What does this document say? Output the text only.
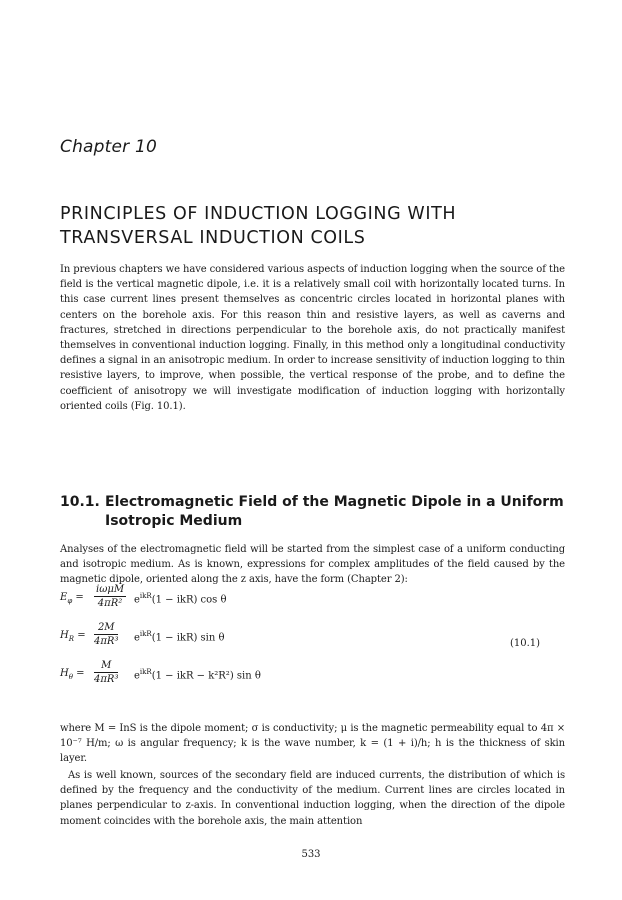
Chapter 10
PRINCIPLES OF INDUCTION LOGGING WITH TRANSVERSAL INDUCTION COILS

In previous chapters we have considered various aspects of induction logging when the source of the field is the vertical magnetic dipole, i.e. it is a relatively small coil with horizontally located turns. In this case current lines present themselves as concentric circles located in horizontal planes with centers on the borehole axis. For this reason thin and resistive layers, as well as caverns and fractures, stretched in directions perpendicular to the borehole axis, do not practically manifest themselves in conventional induction logging. Finally, in this method only a longitudinal conductivity defines a signal in an anisotropic medium. In order to increase sensitivity of induction logging to thin resistive layers, to improve, when possible, the vertical response of the probe, and to define the coefficient of anisotropy we will investigate modification of induction logging with horizontally oriented coils (Fig. 10.1).

10.1. Electromagnetic Field of the Magnetic Dipole in a Uniform
Isotropic Medium

Analyses of the electromagnetic field will be started from the simplest case of a uniform conducting and isotropic medium. As is known, expressions for complex amplitudes of the field caused by the magnetic dipole, oriented along the z axis, have the form (Chapter 2):

$E_\varphi$ =
iωμM
4πR²	$e^{ikR}(1 - ikR)$ cos θ
$H_R = \frac{2M}{\text{4πR³}} e^{ikR}(1 - ikR)$ sin θ
(10.1)
$H_\theta = \frac{M}{\text{4πR³}} e^{ikR}(1$ − ikR − k²R²) sin θ

where M = InS is the dipole moment; σ is conductivity; μ is the magnetic permeability equal to 4π × 10⁻⁷ H/m; ω is angular frequency; k is the wave number, k = (1 + i)/h; h is the thickness of skin layer.

As is well known, sources of the secondary field are induced currents, the distribution of which is defined by the frequency and the conductivity of the medium. Current lines are circles located in planes perpendicular to z-axis. In conventional induction logging, when the direction of the dipole moment coincides with the borehole axis, the main attention

533
